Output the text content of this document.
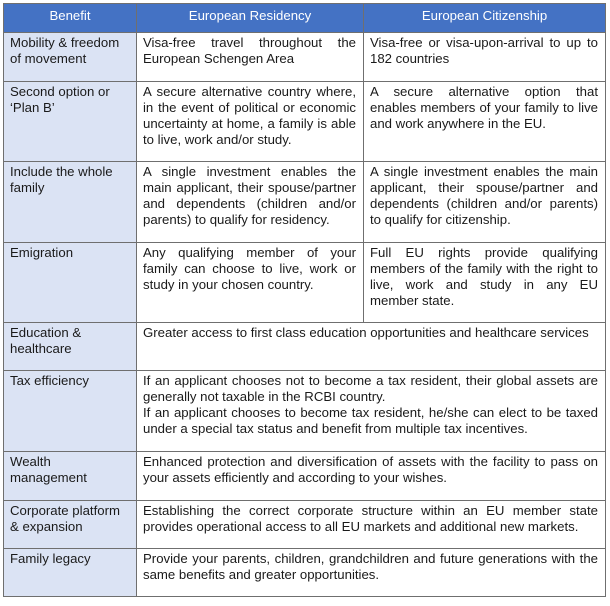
Benefit	European Residency	European Citizenship
Mobility & freedom of movement	Visa-free travel throughout the European Schengen Area	Visa-free or visa-upon-arrival to up to 182 countries
Second option or ‘Plan B’	A secure alternative country where, in the event of political or economic uncertainty at home, a family is able to live, work and/or study.	A secure alternative option that enables members of your family to live and work anywhere in the EU.
Include the whole family	A single investment enables the main applicant, their spouse/partner and dependents (children and/or parents) to qualify for residency.	A single investment enables the main applicant, their spouse/partner and dependents (children and/or parents) to qualify for citizenship.
Emigration	Any qualifying member of your family can choose to live, work or study in your chosen country.	Full EU rights provide qualifying members of the family with the right to live, work and study in any EU member state.
Education & healthcare	Greater access to first class education opportunities and healthcare services	
Tax efficiency	If an applicant chooses not to become a tax resident, their global assets are generally not taxable in the RCBI country.
If an applicant chooses to become tax resident, he/she can elect to be taxed under a special tax status and benefit from multiple tax incentives.	

Wealth management	Enhanced protection and diversification of assets with the facility to pass on your assets efficiently and according to your wishes.	
Corporate platform & expansion	Establishing the correct corporate structure within an EU member state provides operational access to all EU markets and additional new markets.	
Family legacy	Provide your parents, children, grandchildren and future generations with the same benefits and greater opportunities.	
